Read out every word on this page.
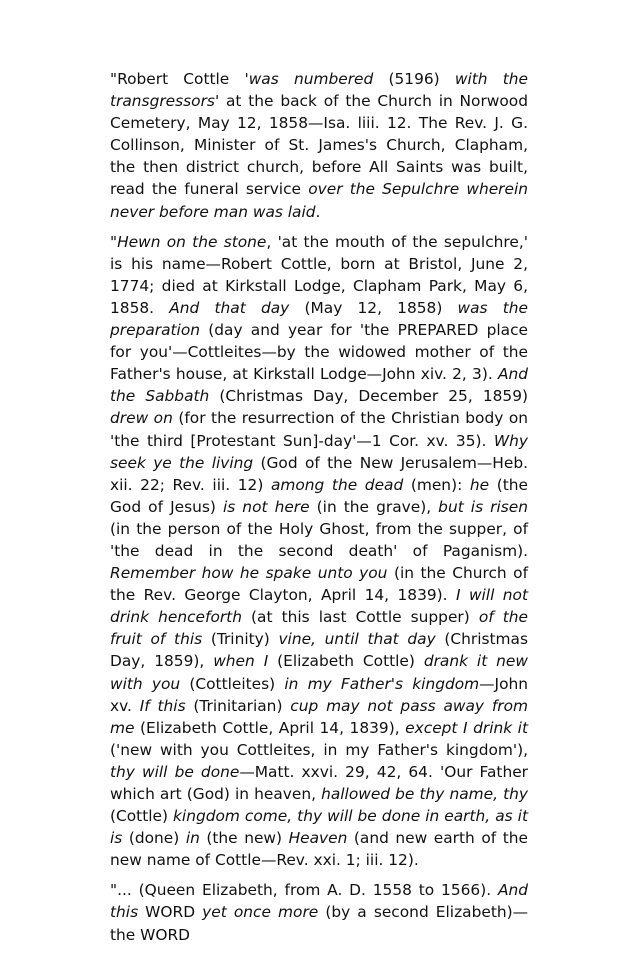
"Robert Cottle 'was numbered (5196) with the transgressors' at the back of the Church in Norwood Cemetery, May 12, 1858—Isa. liii. 12. The Rev. J. G. Collinson, Minister of St. James's Church, Clapham, the then district church, before All Saints was built, read the funeral service over the Sepulchre wherein never before man was laid.

"Hewn on the stone, 'at the mouth of the sepulchre,' is his name—Robert Cottle, born at Bristol, June 2, 1774; died at Kirkstall Lodge, Clapham Park, May 6, 1858. And that day (May 12, 1858) was the preparation (day and year for 'the PREPARED place for you'—Cottleites—by the widowed mother of the Father's house, at Kirkstall Lodge—John xiv. 2, 3). And the Sabbath (Christmas Day, December 25, 1859) drew on (for the resurrection of the Christian body on 'the third [Protestant Sun]-day'—1 Cor. xv. 35). Why seek ye the living (God of the New Jerusalem—Heb. xii. 22; Rev. iii. 12) among the dead (men): he (the God of Jesus) is not here (in the grave), but is risen (in the person of the Holy Ghost, from the supper, of 'the dead in the second death' of Paganism). Remember how he spake unto you (in the Church of the Rev. George Clayton, April 14, 1839). I will not drink henceforth (at this last Cottle supper) of the fruit of this (Trinity) vine, until that day (Christmas Day, 1859), when I (Elizabeth Cottle) drank it new with you (Cottleites) in my Father's kingdom—John xv. If this (Trinitarian) cup may not pass away from me (Elizabeth Cottle, April 14, 1839), except I drink it ('new with you Cottleites, in my Father's kingdom'), thy will be done—Matt. xxvi. 29, 42, 64. 'Our Father which art (God) in heaven, hallowed be thy name, thy (Cottle) kingdom come, thy will be done in earth, as it is (done) in (the new) Heaven (and new earth of the new name of Cottle—Rev. xxi. 1; iii. 12).

"... (Queen Elizabeth, from A. D. 1558 to 1566). And this WORD yet once more (by a second Elizabeth)—the WORD
